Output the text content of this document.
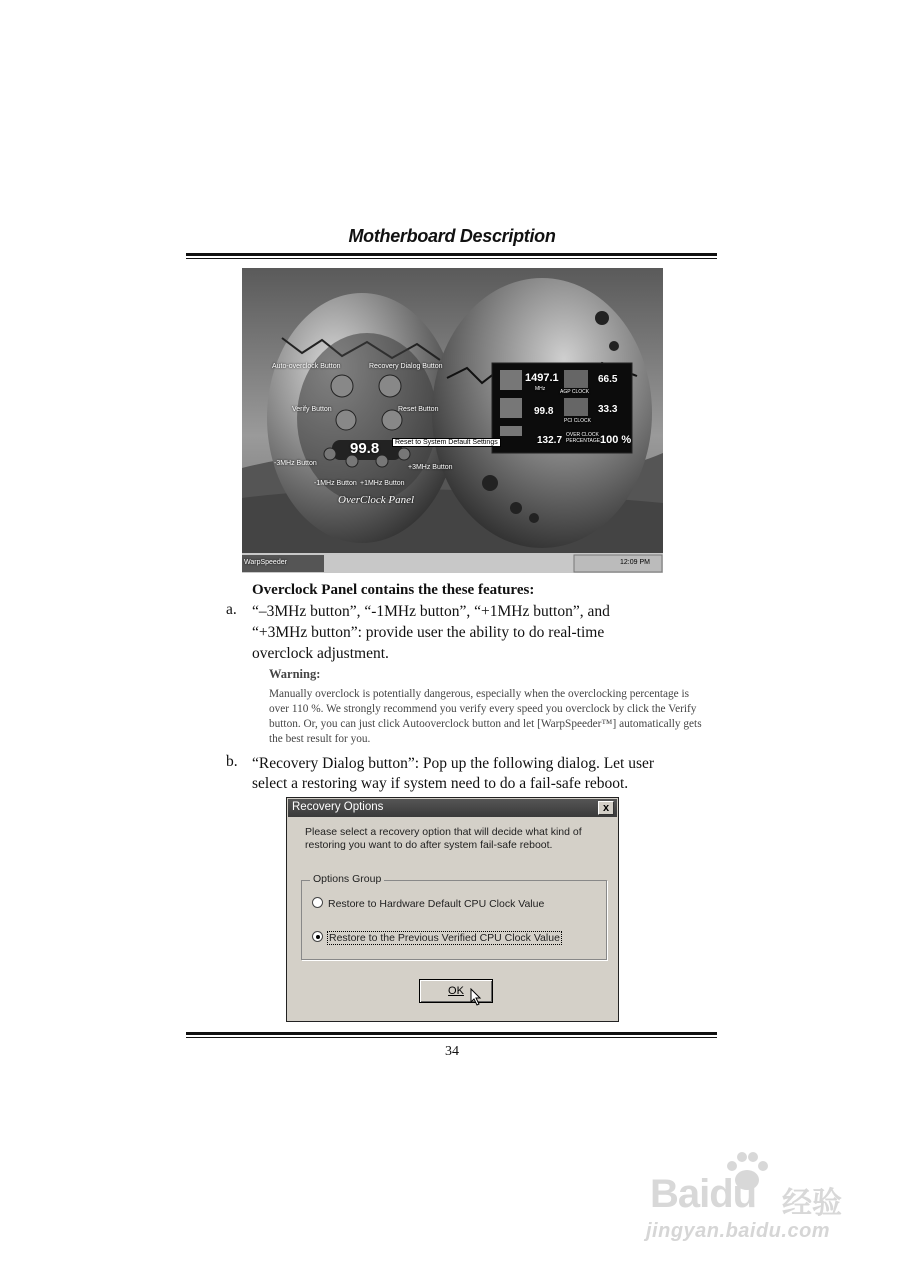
Motherboard Description
Auto-overclock Button	Recovery Dialog Button
Verify Button	Reset Button
Reset to System Default Settings
99.8
-3MHz Button
+3MHz Button
-1MHz Button +1MHz Button
OverClock Panel
1497.1
MHz
66.5
AGP CLOCK
99.8	33.3
PCI CLOCK
132.7 OVER CLOCK PERCENTAGE:
100 %
WarpSpeeder	12:09 PM
Overclock Panel contains the these features:
a. “–3MHz button”, “-1MHz button”, “+1MHz button”, and
“+3MHz button”: provide user the ability to do real-time
overclock adjustment.
Warning:
Manually overclock is potentially dangerous, especially when the overclocking percentage is over 110 %. We strongly recommend you verify every speed you overclock by click the Verify button. Or, you can just click Autooverclock button and let [WarpSpeeder™] automatically gets the best result for you.
b. “Recovery Dialog button”: Pop up the following dialog. Let user
select a restoring way if system need to do a fail-safe reboot.
Recovery Options	x
Please select a recovery option that will decide what kind of restoring you want to do after system fail-safe reboot.
Options Group
Restore to Hardware Default CPU Clock Value
Restore to the Previous Verified CPU Clock Value
OK
34
Baidu 经验
jingyan.baidu.com
